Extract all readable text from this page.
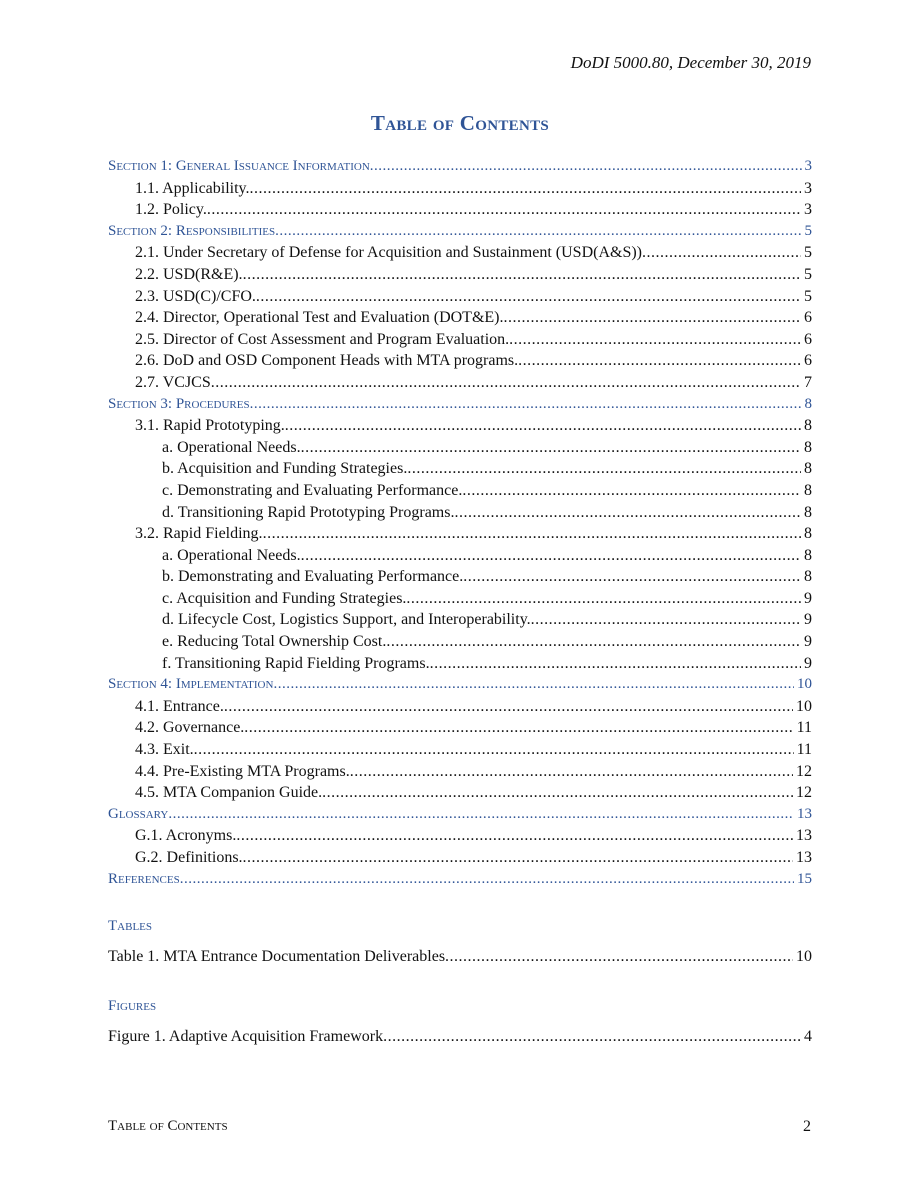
DoDI 5000.80, December 30, 2019
Table of Contents
Section 1: General Issuance Information .....	3
1.1. Applicability. .....	3
1.2. Policy. .....	3
Section 2: Responsibilities .....	5
2.1. Under Secretary of Defense for Acquisition and Sustainment (USD(A&S)) .....	5
2.2. USD(R&E). .....	5
2.3. USD(C)/CFO. .....	5
2.4. Director, Operational Test and Evaluation (DOT&E). .....	6
2.5. Director of Cost Assessment and Program Evaluation. .....	6
2.6. DoD and OSD Component Heads with MTA programs. .....	6
2.7. VCJCS .....	7
Section 3: Procedures .....	8
3.1. Rapid Prototyping. .....	8
a. Operational Needs. .....	8
b. Acquisition and Funding Strategies. .....	8
c. Demonstrating and Evaluating Performance. .....	8
d. Transitioning Rapid Prototyping Programs. .....	8
3.2. Rapid Fielding. .....	8
a. Operational Needs. .....	8
b. Demonstrating and Evaluating Performance. .....	8
c. Acquisition and Funding Strategies. .....	9
d. Lifecycle Cost, Logistics Support, and Interoperability. .....	9
e. Reducing Total Ownership Cost. .....	9
f. Transitioning Rapid Fielding Programs. .....	9
Section 4: Implementation .....	10
4.1. Entrance. .....	10
4.2. Governance. .....	11
4.3. Exit. .....	11
4.4. Pre-Existing MTA Programs. .....	12
4.5. MTA Companion Guide. .....	12
Glossary .....	13
G.1. Acronyms. .....	13
G.2. Definitions. .....	13
References .....	15
Tables
Table 1. MTA Entrance Documentation Deliverables .....	10
Figures
Figure 1. Adaptive Acquisition Framework .....	4
Table of Contents	2
